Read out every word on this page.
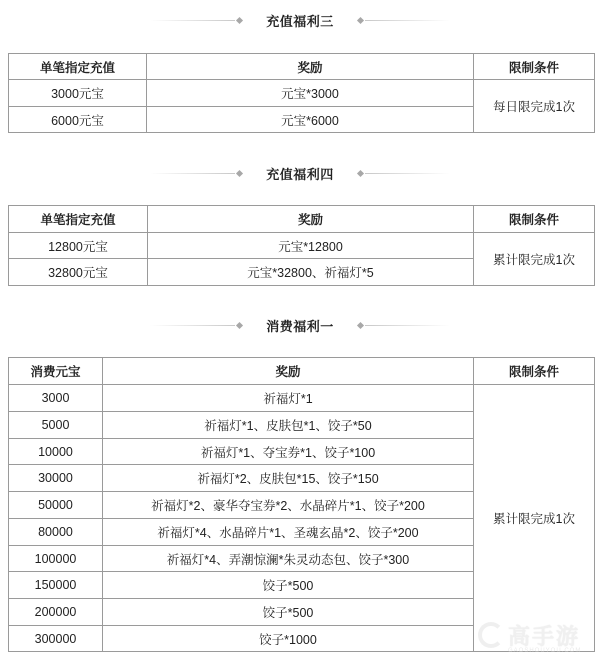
充值福利三
单笔指定充值	奖励	限制条件
3000元宝	元宝*3000	每日限完成1次
6000元宝	元宝*6000	
充值福利四
单笔指定充值	奖励	限制条件
12800元宝	元宝*12800	累计限完成1次
32800元宝	元宝*32800、祈福灯*5	
消费福利一
消费元宝	奖励	限制条件
3000	祈福灯*1	累计限完成1次
5000	祈福灯*1、皮肤包*1、饺子*50	
10000	祈福灯*1、夺宝券*1、饺子*100	
30000	祈福灯*2、皮肤包*15、饺子*150	
50000	祈福灯*2、豪华夺宝券*2、水晶碎片*1、饺子*200	
80000	祈福灯*4、水晶碎片*1、圣魂玄晶*2、饺子*200	
100000	祈福灯*4、弄潮惊澜*朱灵动态包、饺子*300	
150000	饺子*500	
200000	饺子*500	
300000	饺子*1000		高手游
GAOSHOUYOU.COM
